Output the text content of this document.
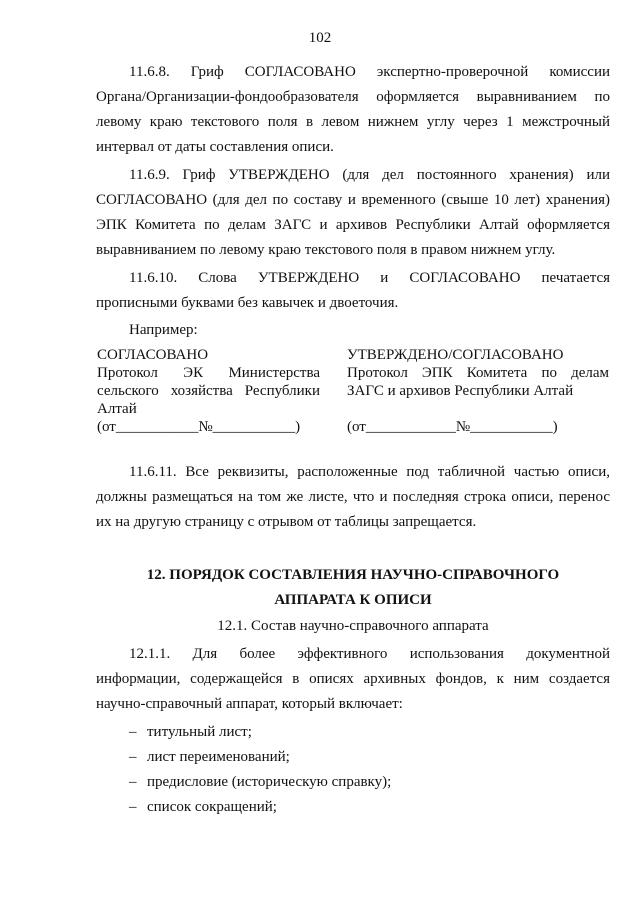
102
11.6.8. Гриф СОГЛАСОВАНО экспертно-проверочной комиссии
Органа/Организации-фондообразователя оформляется выравниванием по
левому краю текстового поля в левом нижнем углу через 1 межстрочный
интервал от даты составления описи.
11.6.9. Гриф УТВЕРЖДЕНО (для дел постоянного хранения) или
СОГЛАСОВАНО (для дел по составу и временного (свыше 10 лет) хранения)
ЭПК Комитета по делам ЗАГС и архивов Республики Алтай оформляется
выравниванием по левому краю текстового поля в правом нижнем углу.
11.6.10. Слова УТВЕРЖДЕНО и СОГЛАСОВАНО печатается
прописными буквами без кавычек и двоеточия.
Например:
СОГЛАСОВАНО
Протокол ЭК Министерства
сельского хозяйства Республики
Алтай
(от___________№___________)
УТВЕРЖДЕНО/СОГЛАСОВАНО
Протокол ЭПК Комитета по делам
ЗАГС и архивов Республики Алтай
(от____________№___________)
11.6.11. Все реквизиты, расположенные под табличной частью описи,
должны размещаться на том же листе, что и последняя строка описи, перенос
их на другую страницу с отрывом от таблицы запрещается.
12. ПОРЯДОК СОСТАВЛЕНИЯ НАУЧНО-СПРАВОЧНОГО
АППАРАТА К ОПИСИ
12.1. Состав научно-справочного аппарата
12.1.1. Для более эффективного использования документной
информации, содержащейся в описях архивных фондов, к ним создается
научно-справочный аппарат, который включает:
– титульный лист;
– лист переименований;
– предисловие (историческую справку);
– список сокращений;
